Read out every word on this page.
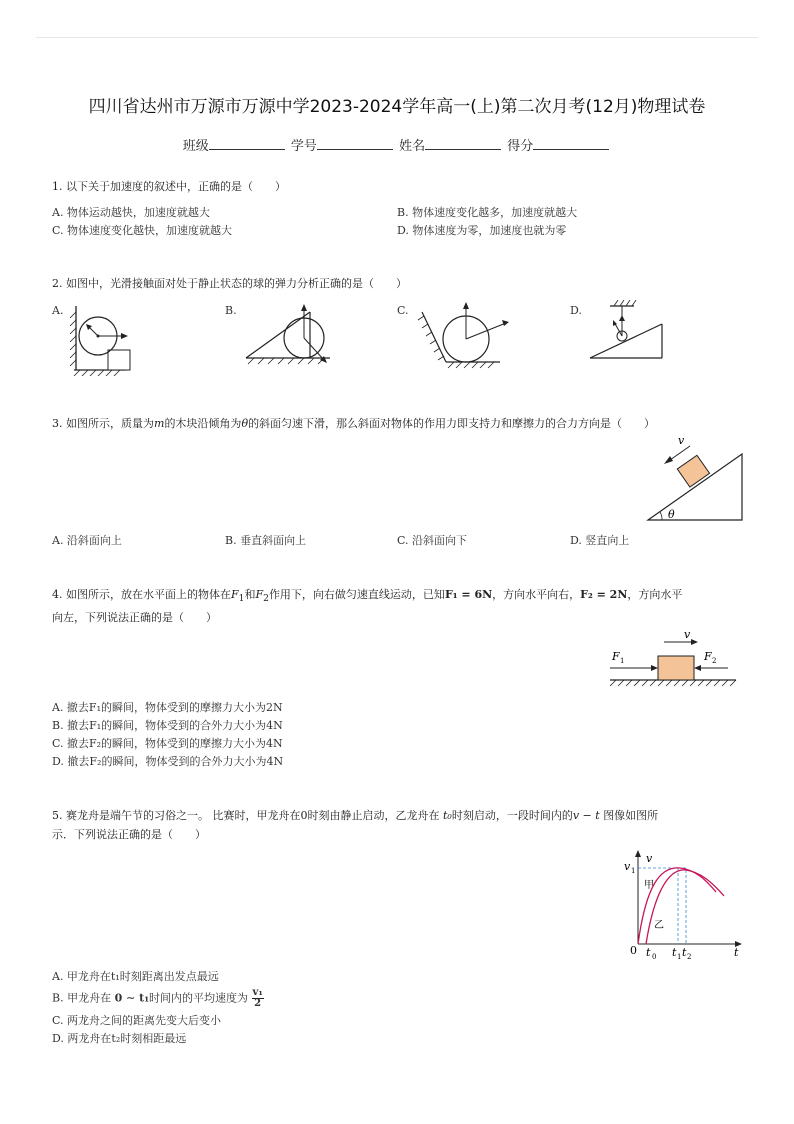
四川省达州市万源市万源中学2023-2024学年高一(上)第二次月考(12月)物理试卷
班级	学号	姓名	得分
1. 以下关于加速度的叙述中，正确的是（　　）
A. 物体运动越快，加速度就越大	B. 物体速度变化越多，加速度就越大
C. 物体速度变化越快，加速度就越大	D. 物体速度为零，加速度也就为零
2. 如图中，光滑接触面对处于静止状态的球的弹力分析正确的是（　　）
A.	B.	C.	D.
3. 如图所示，质量为m的木块沿倾角为θ的斜面匀速下滑，那么斜面对物体的作用力即支持力和摩擦力的合力方向是（　　）
v
θ
A. 沿斜面向上	B. 垂直斜面向上	C. 沿斜面向下	D. 竖直向上
4. 如图所示，放在水平面上的物体在$F_1$和$F_2$作用下，向右做匀速直线运动，已知F₁ = 6N，方向水平向右，F₂ = 2N，方向水平
向左，下列说法正确的是（　　）
v
F 1	F 2
A. 撤去F₁的瞬间，物体受到的摩擦力大小为2N
B. 撤去F₁的瞬间，物体受到的合外力大小为4N
C. 撤去F₂的瞬间，物体受到的摩擦力大小为4N
D. 撤去F₂的瞬间，物体受到的合外力大小为4N
5. 赛龙舟是端午节的习俗之一。 比赛时，甲龙舟在0时刻由静止启动，乙龙舟在 t₀时刻启动，一段时间内的v − t 图像如图所
示．下列说法正确的是（　　）
v
v 1
甲
乙
0 t 0 t 1 t 2	t
A. 甲龙舟在t₁时刻距离出发点最远
B. 甲龙舟在 0 ∼ t₁时间内的平均速度为 $\frac{\text{v₁}}{2}$
C. 两龙舟之间的距离先变大后变小
D. 两龙舟在t₂时刻相距最远
